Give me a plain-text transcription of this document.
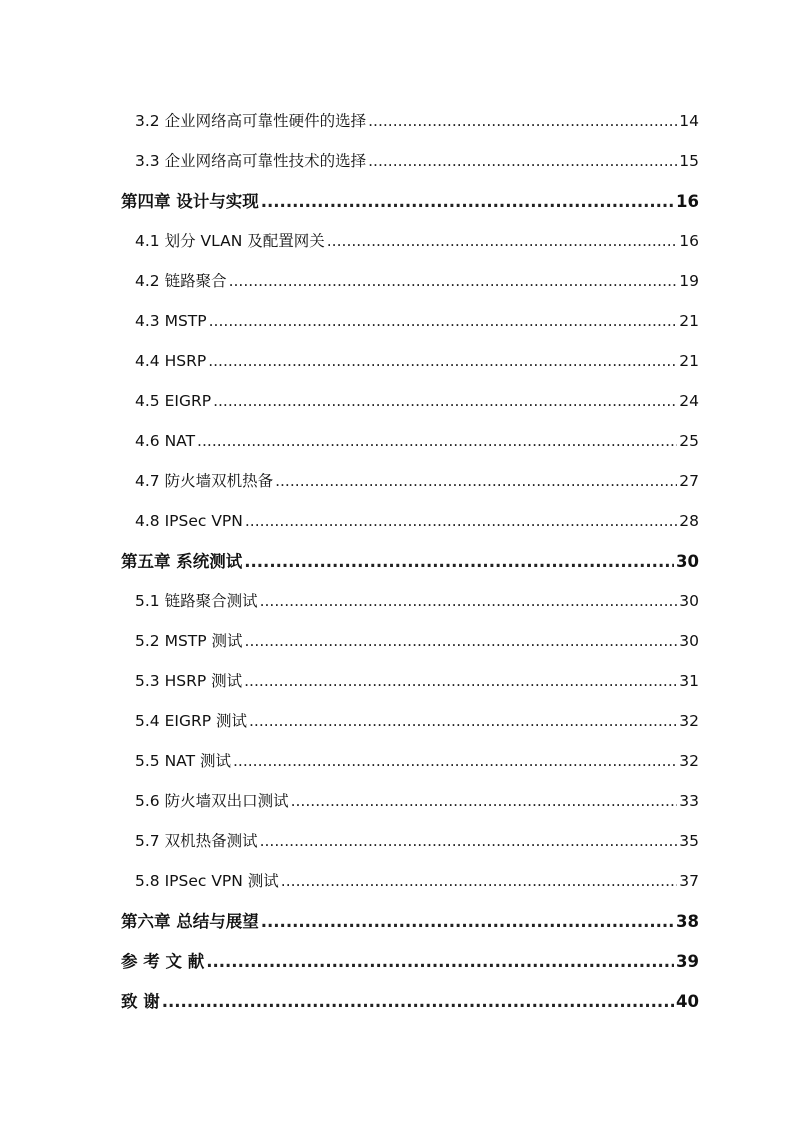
3.2 企业网络高可靠性硬件的选择 .....	14
3.3 企业网络高可靠性技术的选择 .....	15
第四章 设计与实现 .....	16
4.1 划分 VLAN 及配置网关 .....	16
4.2 链路聚合 .....	19
4.3 MSTP .....	21
4.4 HSRP .....	21
4.5 EIGRP .....	24
4.6 NAT .....	25
4.7 防火墙双机热备 .....	27
4.8 IPSec VPN .....	28
第五章 系统测试 .....	30
5.1 链路聚合测试 .....	30
5.2 MSTP 测试 .....	30
5.3 HSRP 测试 .....	31
5.4 EIGRP 测试 .....	32
5.5 NAT 测试 .....	32
5.6 防火墙双出口测试 .....	33
5.7 双机热备测试 .....	35
5.8 IPSec VPN 测试 .....	37
第六章 总结与展望 .....	38
参 考 文 献 .....	39
致 谢 .....	40
